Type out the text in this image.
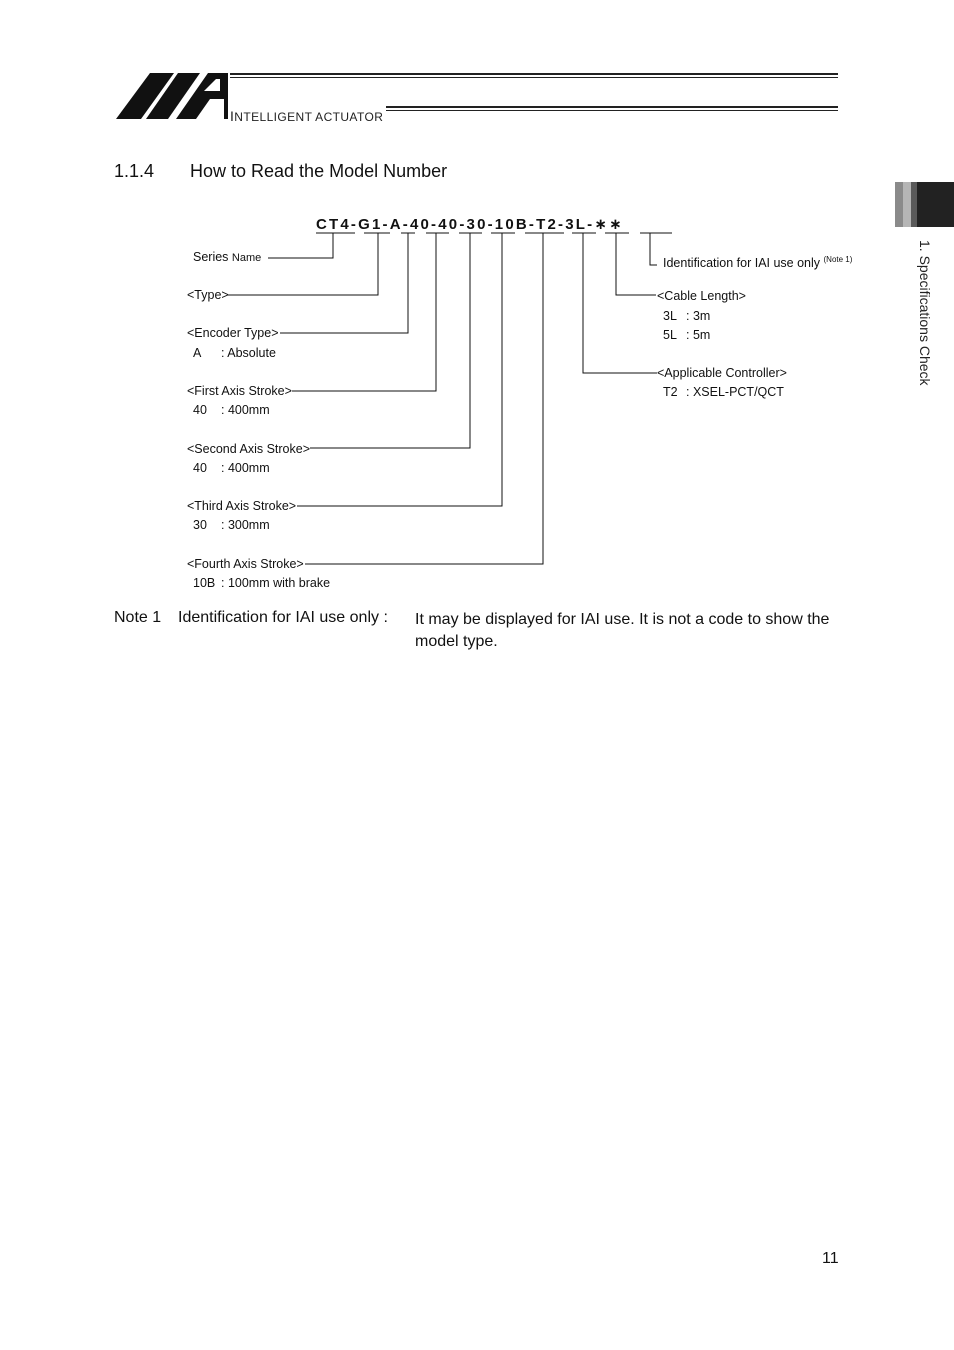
INTELLIGENT ACTUATOR
1.1.4 How to Read the Model Number
1. Specifications Check
CT4-G1-A-40-40-30-10B-T2-3L-∗∗
Series Name
<Type>
<Encoder Type>
A : Absolute
<First Axis Stroke>
40 : 400mm
<Second Axis Stroke>
40 : 400mm
<Third Axis Stroke>
30 : 300mm
<Fourth Axis Stroke>
10B : 100mm with brake
Identification for IAI use only $^{(Note 1)}$
<Cable Length>
3L : 3m
5L : 5m
<Applicable Controller>
T2 : XSEL-PCT/QCT
Note 1 Identification for IAI use only : It may be displayed for IAI use. It is not a code to show the model type.
11
